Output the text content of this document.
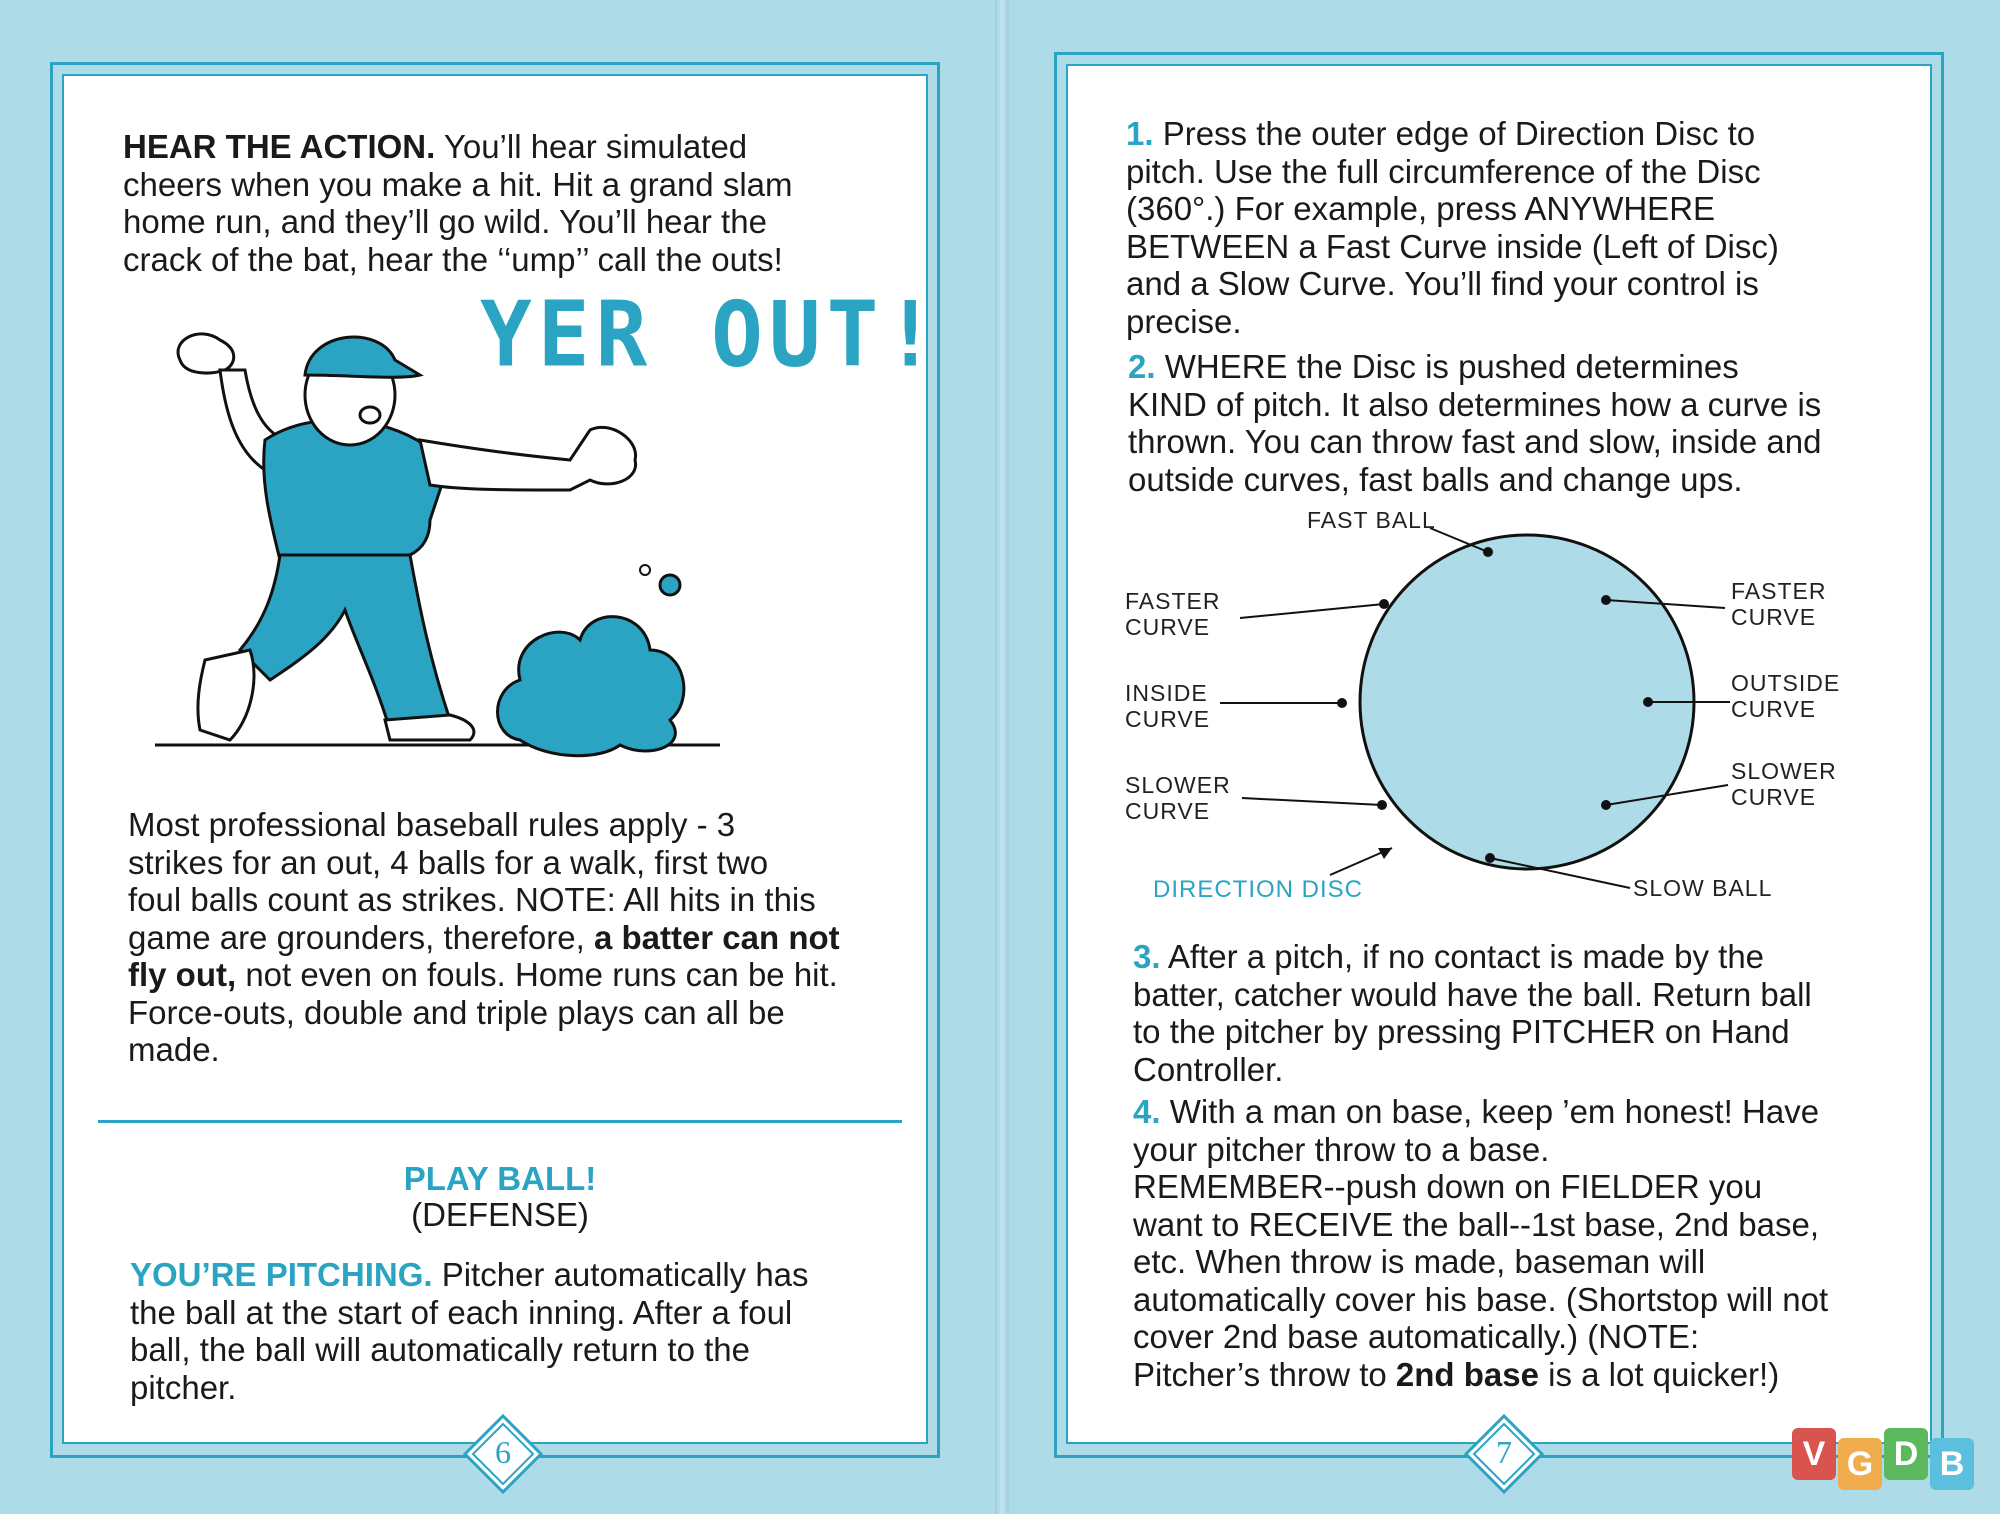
HEAR THE ACTION. You’ll hear simulated
cheers when you make a hit. Hit a grand slam
home run, and they’ll go wild. You’ll hear the
crack of the bat, hear the ‘‘ump’’ call the outs!

YER OUT!

Most professional baseball rules apply - 3
strikes for an out, 4 balls for a walk, first two
foul balls count as strikes. NOTE: All hits in this
game are grounders, therefore, a batter can not
fly out, not even on fouls. Home runs can be hit.
Force-outs, double and triple plays can all be
made.

PLAY BALL!
(DEFENSE)

YOU’RE PITCHING. Pitcher automatically has
the ball at the start of each inning. After a foul
ball, the ball will automatically return to the
pitcher.

6

1. Press the outer edge of Direction Disc to
pitch. Use the full circumference of the Disc
(360°.) For example, press ANYWHERE
BETWEEN a Fast Curve inside (Left of Disc)
and a Slow Curve. You’ll find your control is
precise.

2. WHERE the Disc is pushed determines
KIND of pitch. It also determines how a curve is
thrown. You can throw fast and slow, inside and
outside curves, fast balls and change ups.

FAST BALL
FASTER
CURVE
INSIDE
CURVE
SLOWER
CURVE
FASTER
CURVE
OUTSIDE
CURVE
SLOWER
CURVE
SLOW BALL
DIRECTION DISC

3. After a pitch, if no contact is made by the
batter, catcher would have the ball. Return ball
to the pitcher by pressing PITCHER on Hand
Controller.

4. With a man on base, keep ’em honest! Have
your pitcher throw to a base.
REMEMBER--push down on FIELDER you
want to RECEIVE the ball--1st base, 2nd base,
etc. When throw is made, baseman will
automatically cover his base. (Shortstop will not
cover 2nd base automatically.) (NOTE:
Pitcher’s throw to 2nd base is a lot quicker!)

7	V G D B
